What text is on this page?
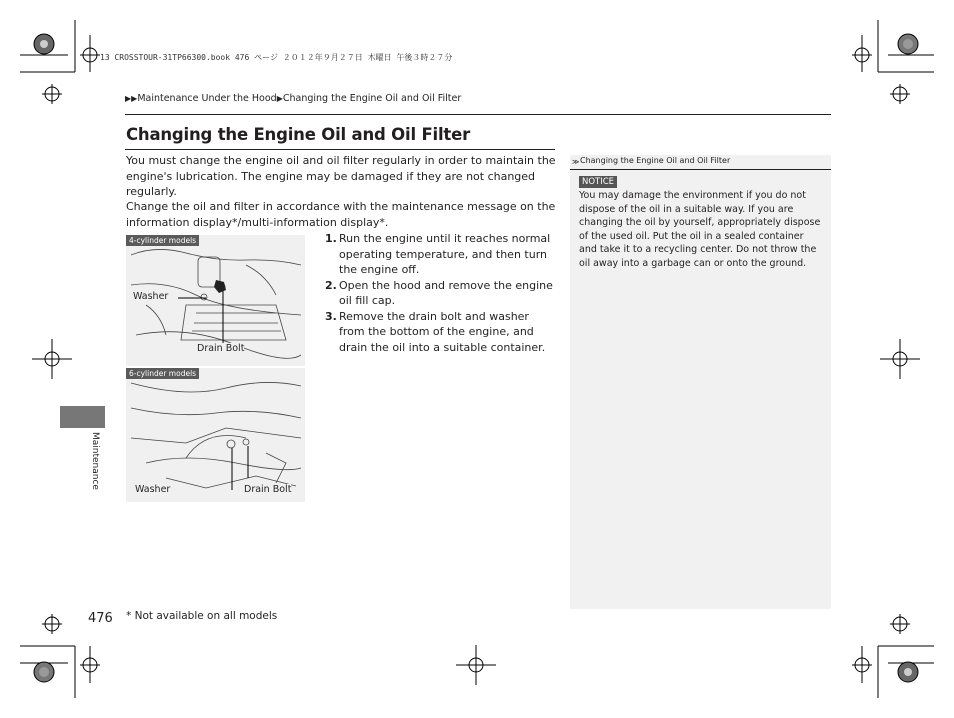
13 CROSSTOUR-31TP66300.book 476 ページ ２０１２年９月２７日 木曜日 午後３時２７分
▶▶Maintenance Under the Hood▶Changing the Engine Oil and Oil Filter
Changing the Engine Oil and Oil Filter
You must change the engine oil and oil filter regularly in order to maintain the engine's lubrication. The engine may be damaged if they are not changed regularly.
Change the oil and filter in accordance with the maintenance message on the information display*/multi-information display*.
4-cylinder models
Washer
Drain Bolt
6-cylinder models
Washer	Drain Bolt
1. Run the engine until it reaches normal operating temperature, and then turn the engine off.
2. Open the hood and remove the engine oil fill cap.
3. Remove the drain bolt and washer from the bottom of the engine, and drain the oil into a suitable container.
≫ Changing the Engine Oil and Oil Filter
NOTICE
You may damage the environment if you do not dispose of the oil in a suitable way. If you are changing the oil by yourself, appropriately dispose of the used oil. Put the oil in a sealed container and take it to a recycling center. Do not throw the oil away into a garbage can or onto the ground.
Maintenance
476 * Not available on all models
